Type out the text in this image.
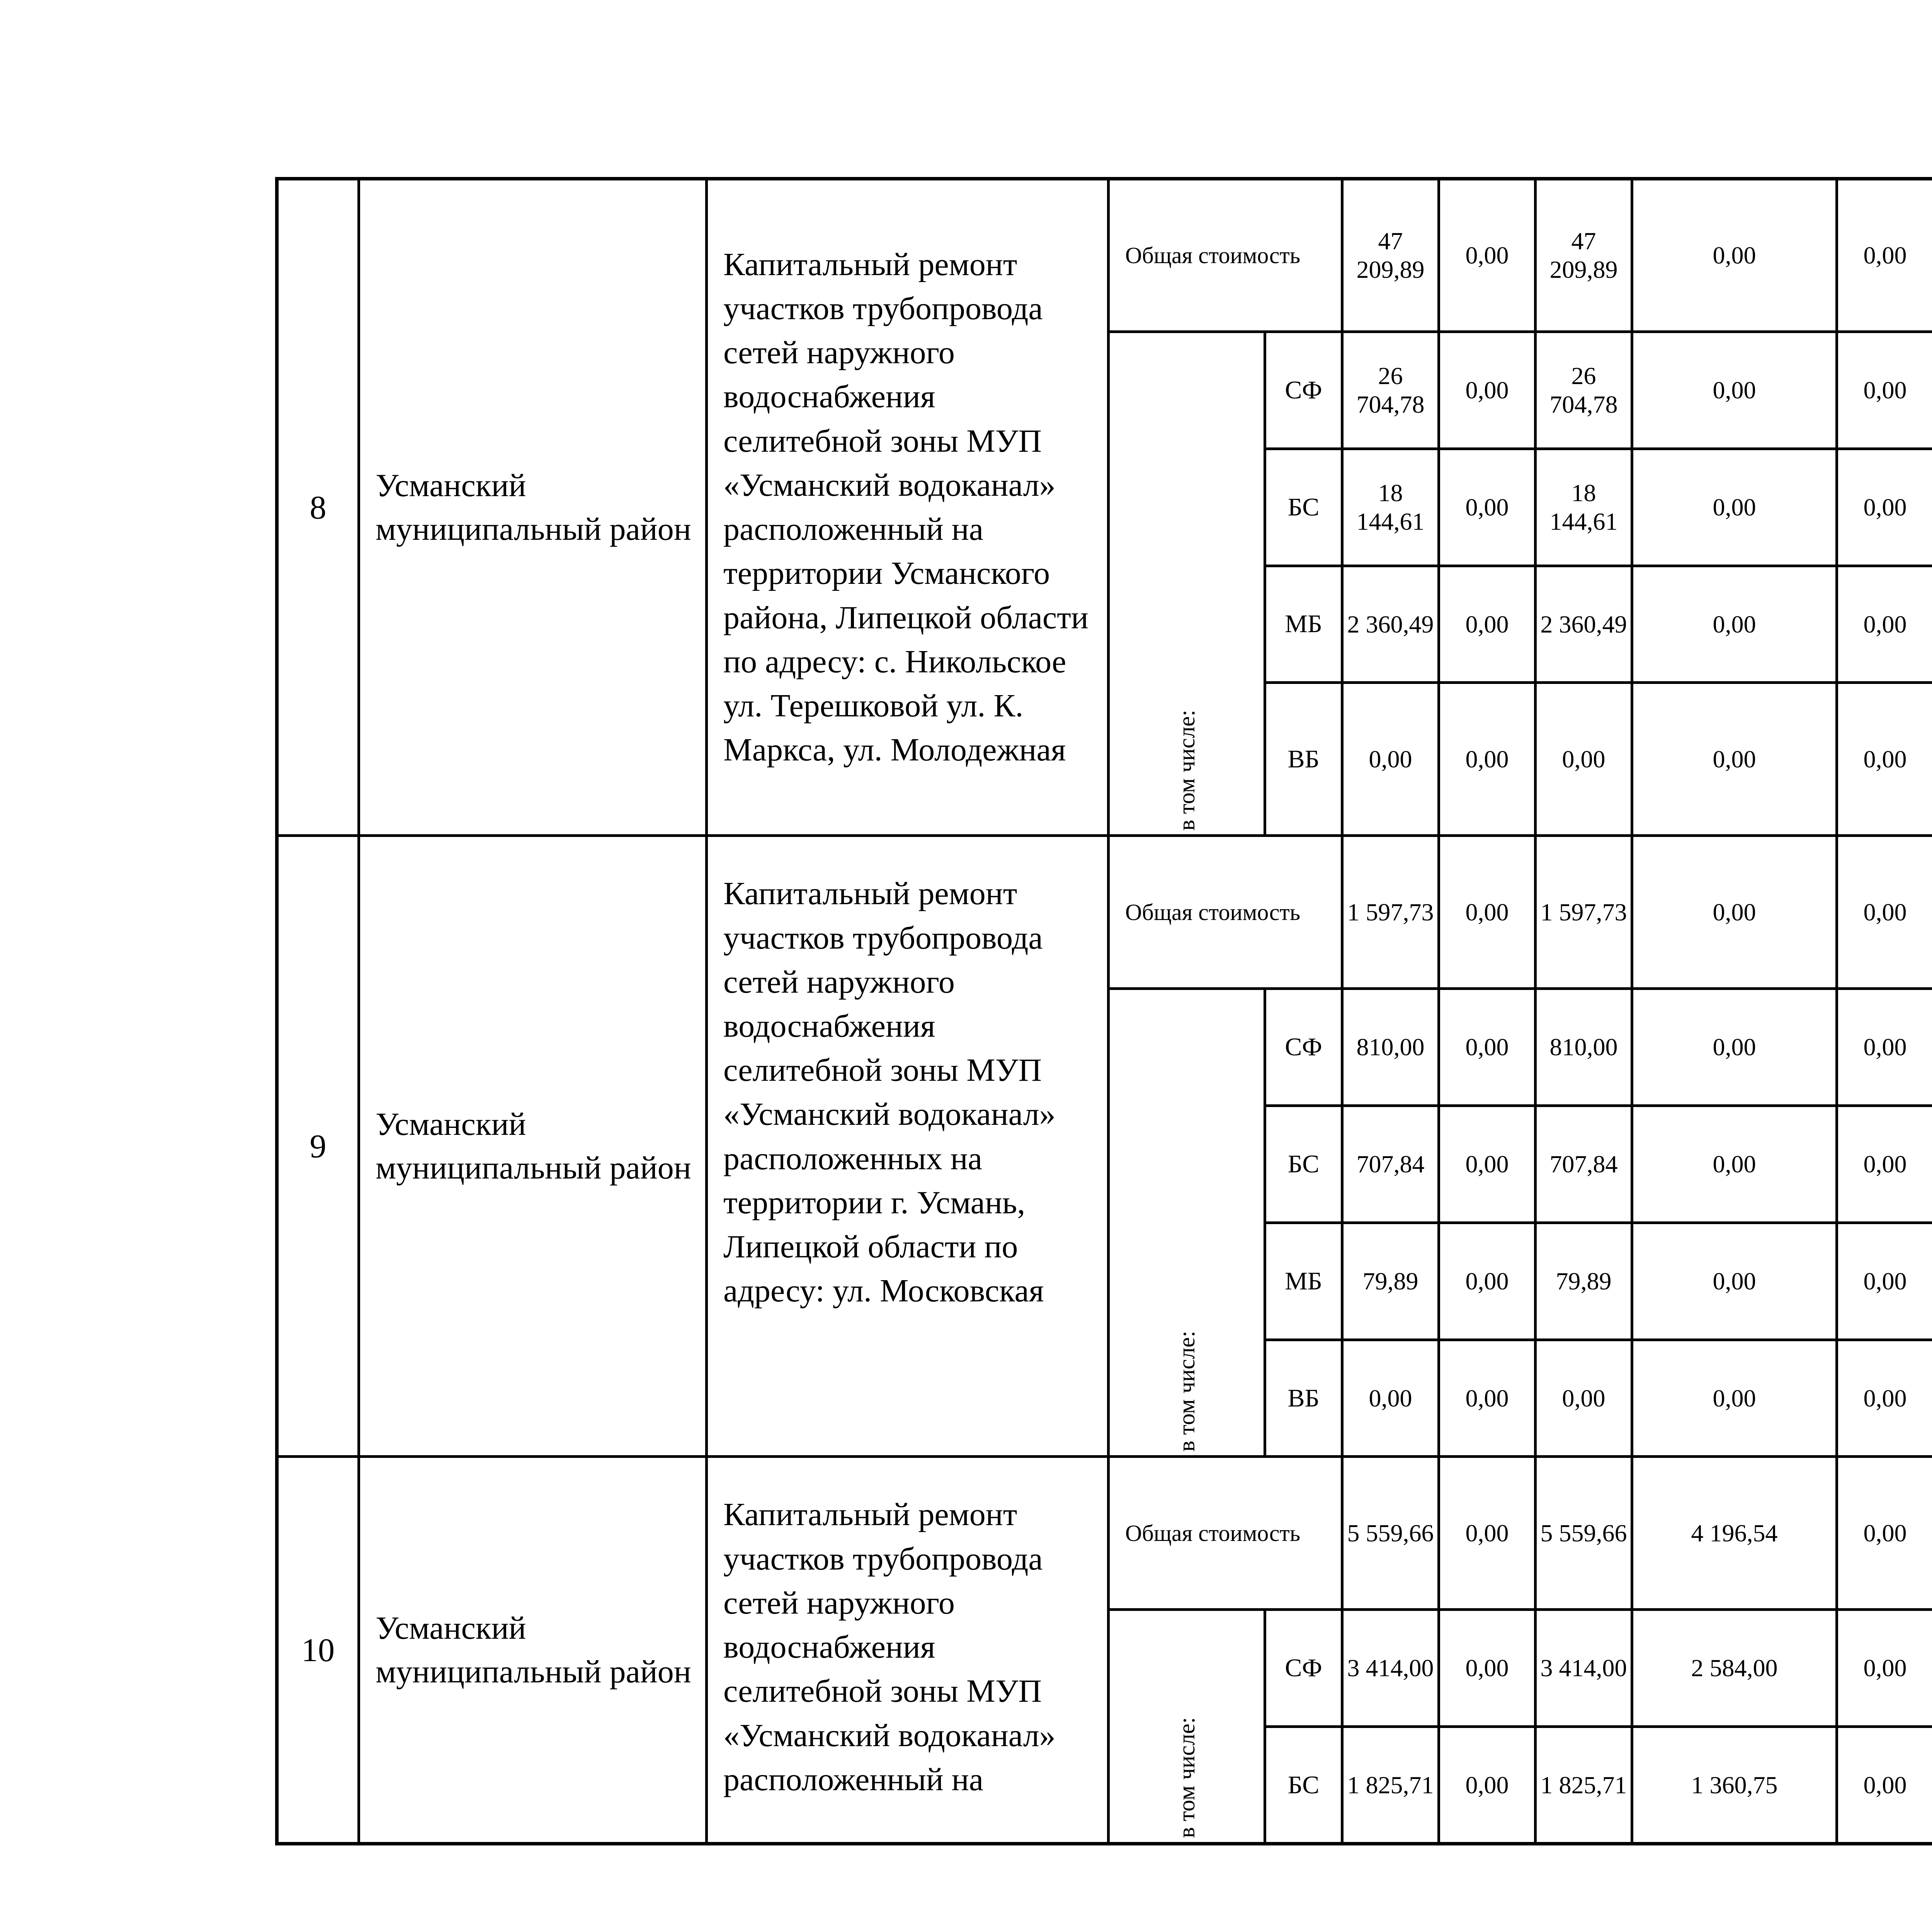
8	Усманский муниципальный район	Капитальный ремонт участков трубопровода сетей наружного водоснабжения селитебной зоны МУП «Усманский водоканал» расположенный на территории Усманского района, Липецкой области по адресу: с. Никольское ул. Терешковой ул. К. Маркса, ул. Молодежная	Общая стоимость		47 209,89	0,00	47 209,89	0,00	0,00				

			в том числе:	СФ	26 704,78	0,00	26 704,78	0,00	0,00				
				БС	18 144,61	0,00	18 144,61	0,00	0,00				
				МБ	2 360,49	0,00	2 360,49	0,00	0,00				
				ВБ	0,00	0,00	0,00	0,00	0,00				
9	Усманский муниципальный район	Капитальный ремонт участков трубопровода сетей наружного водоснабжения селитебной зоны МУП «Усманский водоканал» расположенных на территории г. Усмань, Липецкой области по адресу: ул. Московская	Общая стоимость		1 597,73	0,00	1 597,73	0,00	0,00				

			в том числе:	СФ	810,00	0,00	810,00	0,00	0,00				
				БС	707,84	0,00	707,84	0,00	0,00				
				МБ	79,89	0,00	79,89	0,00	0,00				
				ВБ	0,00	0,00	0,00	0,00	0,00				
10	Усманский муниципальный район	Капитальный ремонт участков трубопровода сетей наружного водоснабжения селитебной зоны МУП «Усманский водоканал» расположенный на	Общая стоимость		5 559,66	0,00	5 559,66	4 196,54	0,00				

			в том числе:	СФ	3 414,00	0,00	3 414,00	2 584,00	0,00				
				БС	1 825,71	0,00	1 825,71	1 360,75	0,00				
